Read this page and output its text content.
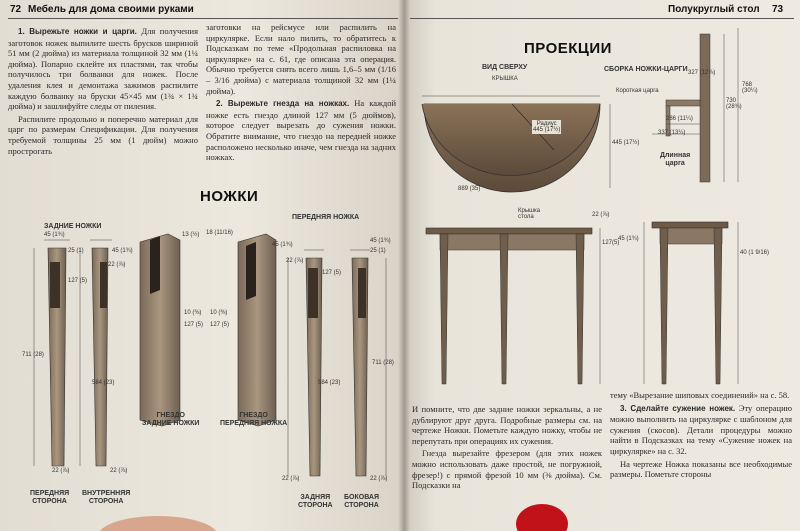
72 Мебель для дома своими руками

1. Вырежьте ножки и царги. Для получения заготовок ножек выпилите шесть брусков шириной 51 мм (2 дюйма) из материала толщиной 32 мм (1¼ дюйма). Попарно склейте их пластями, так чтобы получилось три болванки для ножек. После удаления клея и демонтажа зажимов распилите каждую болванку на бруски 45×45 мм (1¾ × 1¾ дюйма) и зашлифуйте следы от пиления.

Распилите продольно и поперечно материал для царг по размерам Спецификации. Для получения требуемой толщины 25 мм (1 дюйм) можно прострогать

заготовки на рейсмусе или распилить на циркулярке. Если нало пилить, то обратитесь к Подсказкам по теме «Продольная распиловка на циркулярке» на с. 61, где описана эта операция. Обычно требуется снять всего лишь 1,6–5 мм (1/16 – 3/16 дюйма) с материала толщиной 32 мм (1¼ дюйма).

2. Вырежьте гнезда на ножках. На каждой ножке есть гнездо длиной 127 мм (5 дюймов), которое следует вырезать до сужения ножки. Обратите внимание, что гнездо на передней ножке расположено несколько иначе, чем гнезда на задних ножках.

НОЖКИ
ЗАДНИЕ НОЖКИ
ПЕРЕДНЯЯ НОЖКА
45 (1¾)
25 (1)	45 (1¾)
22 (⅞)
127 (5)
711 (28)
584 (23)
13 (½) 18 (11/16)
10 (⅜)
127 (5)
10 (⅜)
127 (5)
45 (1¾)
22 (⅞)
45 (1¾)
25 (1)
127 (5)
584 (23)
711 (28)
22 (⅞)	22 (⅞)
22 (⅞)	22 (⅞)
ГНЕЗДО
ЗАДНИЕ НОЖКИ
ГНЕЗДО
ПЕРЕДНЯЯ НОЖКА
ПЕРЕДНЯЯ
СТОРОНА
ВНУТРЕННЯЯ
СТОРОНА
ЗАДНЯЯ
СТОРОНА
БОКОВАЯ
СТОРОНА
Полукруглый стол 73
ПРОЕКЦИИ
ВИД СВЕРХУ
КРЫШКА
Радиус
445 (17½)
445 (17½)
889 (35)
СБОРКА НОЖКИ-ЦАРГИ
Короткая царга
Длинная
царга
327 (12⅞)
730
(28¾)
768
(30¼)
286 (11¼)
337 (13¼)
Крышка
стола	22 (⅞)
127(5)
45 (1¾)
40 (1 9/16)

И помните, что две задние ножки зеркальны, а не дублируют друг друга. Подробные размеры см. на чертеже Ножки. Пометьте каждую ножку, чтобы не перепутать при операциях их сужения.

Гнезда вырезайте фрезером (для этих ножек можно использовать даже простой, не погружной, фрезер!) с прямой фрезой 10 мм (⅜ дюйма). См. Подсказки на

тему «Вырезание шиповых соединений» на с. 58.

3. Сделайте сужение ножек. Эту операцию можно выполнить на циркулярке с шаблоном для сужения (скосов). Детали процедуры можно найти в Подсказках на тему «Сужение ножек на циркулярке» на с. 32.

На чертеже Ножка показаны все необходимые размеры. Пометьте стороны
